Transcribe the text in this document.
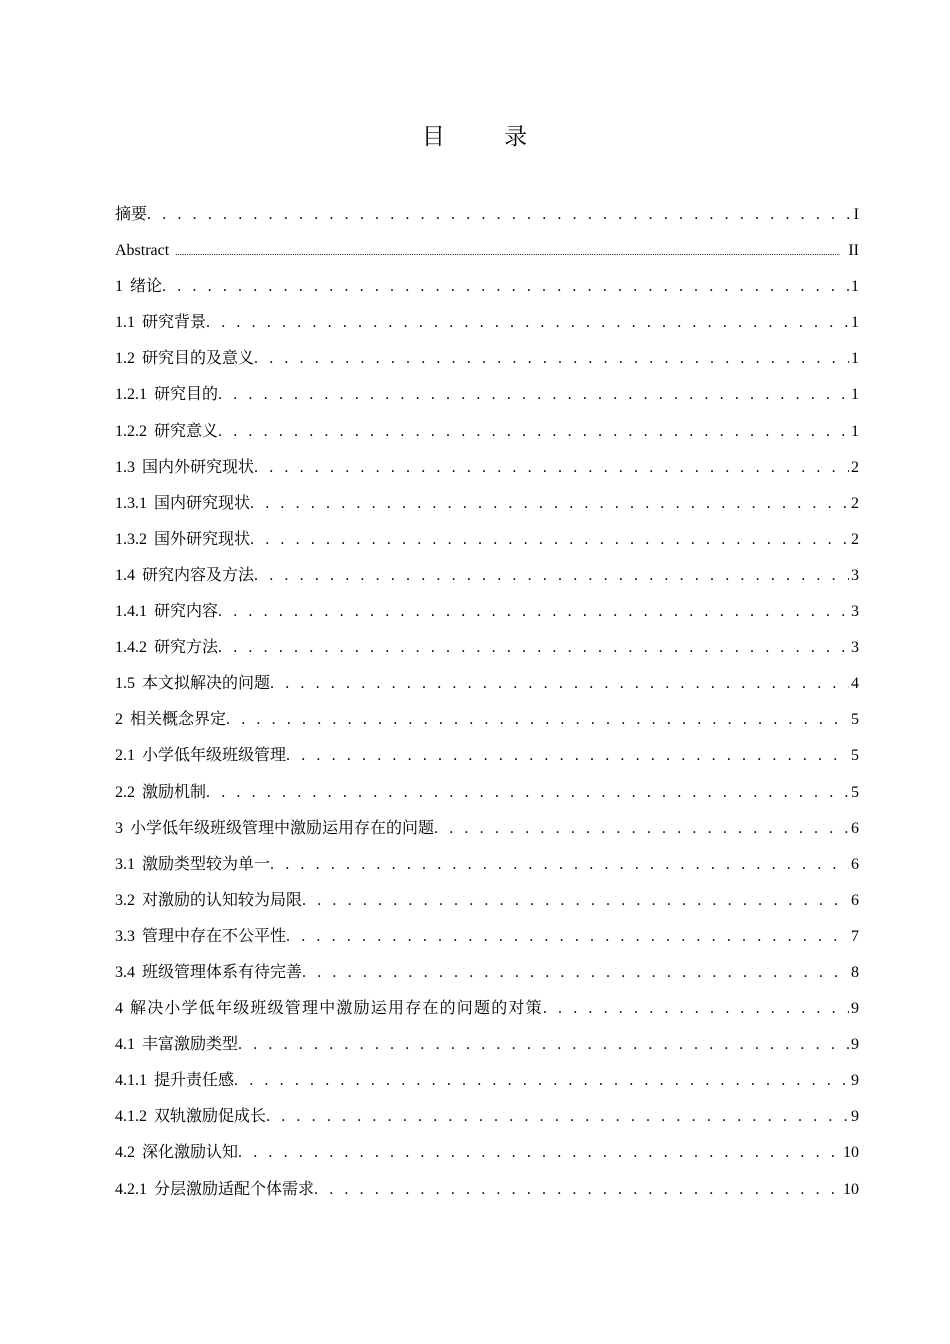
目 录
摘要 . . .	I
Abstract .....	II
1 绪论 . . .	1
1.1 研究背景 . . .	1
1.2 研究目的及意义 . . .	1
1.2.1 研究目的 . . .	1
1.2.2 研究意义 . . .	1
1.3 国内外研究现状 . . .	2
1.3.1 国内研究现状 . . .	2
1.3.2 国外研究现状 . . .	2
1.4 研究内容及方法 . . .	3
1.4.1 研究内容 . . .	3
1.4.2 研究方法 . . .	3
1.5 本文拟解决的问题 . . .	4
2 相关概念界定 . . .	5
2.1 小学低年级班级管理 . . .	5
2.2 激励机制 . . .	5
3 小学低年级班级管理中激励运用存在的问题 . . .	6
3.1 激励类型较为单一 . . .	6
3.2 对激励的认知较为局限 . . .	6
3.3 管理中存在不公平性 . . .	7
3.4 班级管理体系有待完善 . . .	8
4 解决小学低年级班级管理中激励运用存在的问题的对策 . . .	9
4.1 丰富激励类型 . . .	9
4.1.1 提升责任感 . . .	9
4.1.2 双轨激励促成长 . . .	9
4.2 深化激励认知 . . .	10
4.2.1 分层激励适配个体需求 . . .	10
